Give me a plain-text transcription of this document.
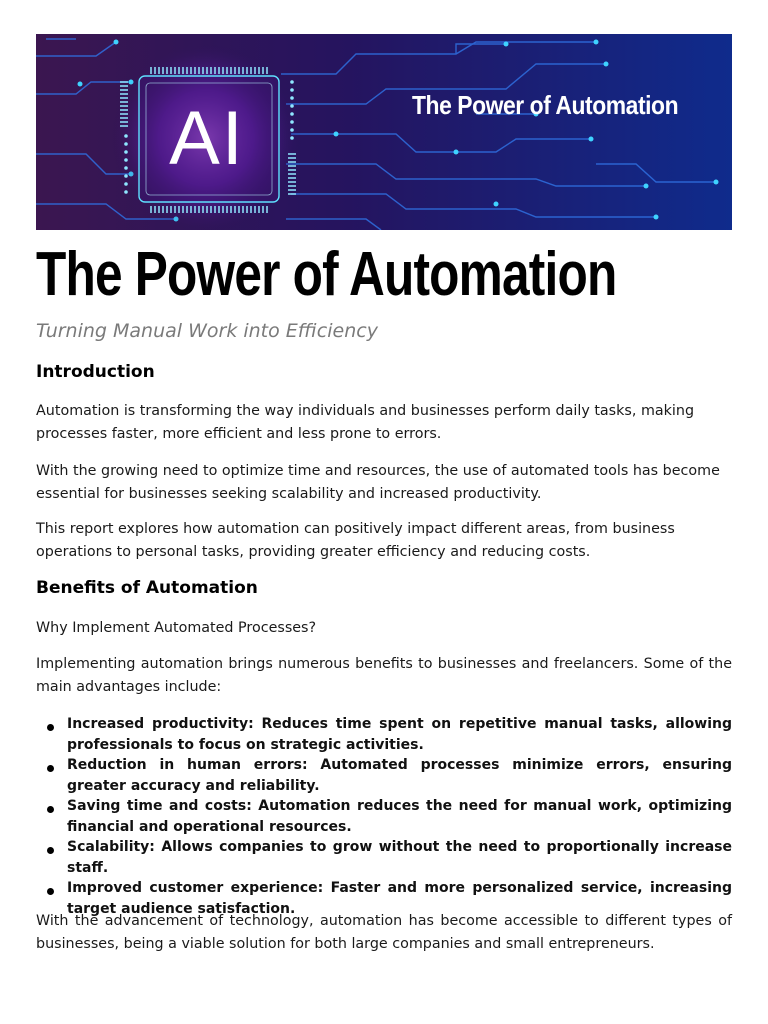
AI	The Power of Automation
The Power of Automation
Turning Manual Work into Efficiency
Introduction

Automation is transforming the way individuals and businesses perform daily tasks, making processes faster, more efficient and less prone to errors.

With the growing need to optimize time and resources, the use of automated tools has become essential for businesses seeking scalability and increased productivity.

This report explores how automation can positively impact different areas, from business operations to personal tasks, providing greater efficiency and reducing costs.

Benefits of Automation

Why Implement Automated Processes?

Implementing automation brings numerous benefits to businesses and freelancers. Some of the main advantages include:

Increased productivity: Reduces time spent on repetitive manual tasks, allowing professionals to focus on strategic activities.
Reduction in human errors: Automated processes minimize errors, ensuring greater accuracy and reliability.
Saving time and costs: Automation reduces the need for manual work, optimizing financial and operational resources.
Scalability: Allows companies to grow without the need to proportionally increase staff.
Improved customer experience: Faster and more personalized service, increasing target audience satisfaction.

With the advancement of technology, automation has become accessible to different types of businesses, being a viable solution for both large companies and small entrepreneurs.
